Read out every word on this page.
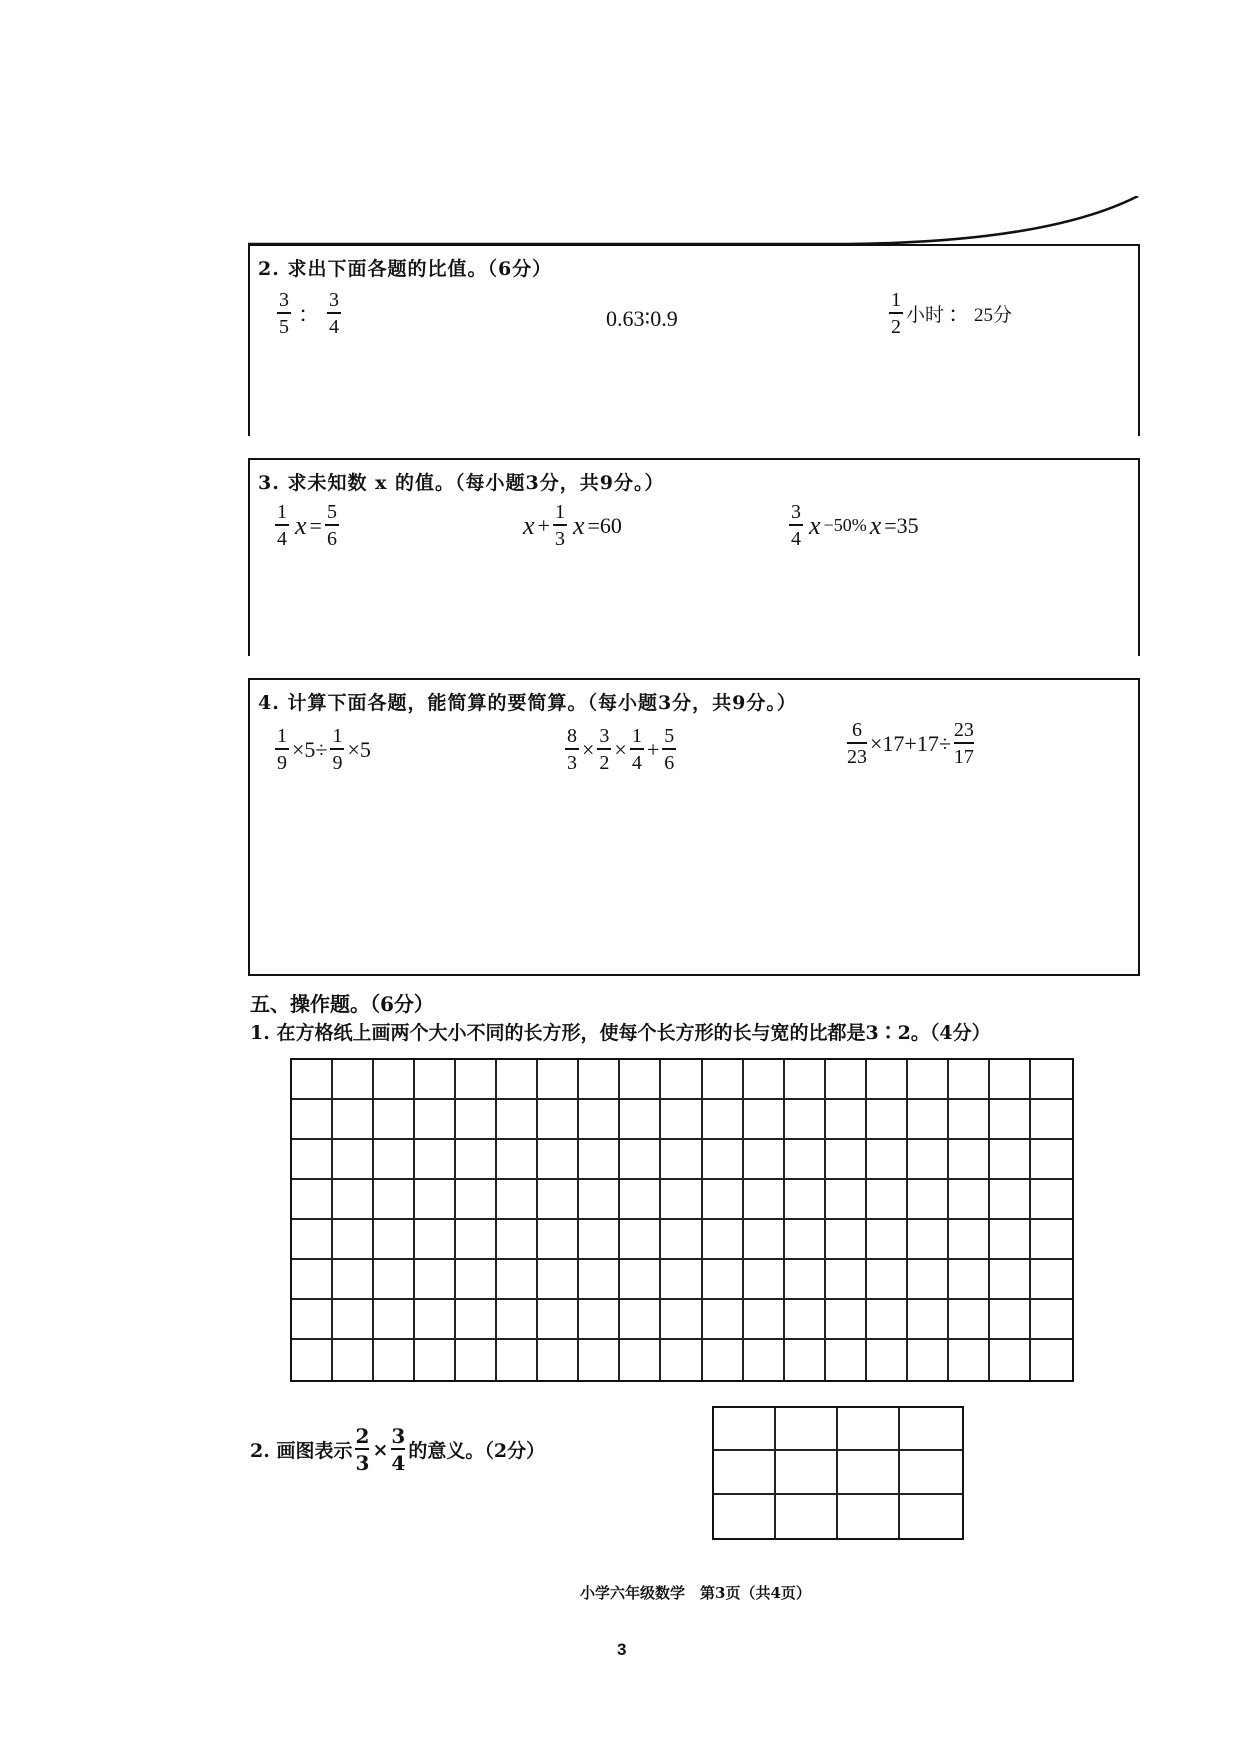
2. 求出下面各题的比值。（6分）
$\frac{3}{5}$ ： $\frac{3}{4}$	0.63∶0.9	$\frac{1}{2}$ 小时 ： 25分
3. 求未知数 x 的值。（每小题3分，共9分。）
$\frac{1}{4}$ $x = \frac{5}{6}$	$x + \frac{1}{3}$ x =60	$\frac{3}{4}$ x −50% x =35
4. 计算下面各题，能简算的要简算。（每小题3分，共9分。）
$\frac{1}{9} \times 5\div \frac{1}{9} \times 5$	$\frac{8}{3} \times \frac{3}{2} \times \frac{1}{4} + \frac{5}{6}$	$\frac{6}{23} \times 17+17\div \frac{23}{17}$
五、操作题。（6分）
1. 在方格纸上画两个大小不同的长方形，使每个长方形的长与宽的比都是3∶2。（4分）
2. 画图表示 $\frac{2}{3} \times \frac{3}{4}$ 的意义。（2分）
小学六年级数学　第3页（共4页）
3
